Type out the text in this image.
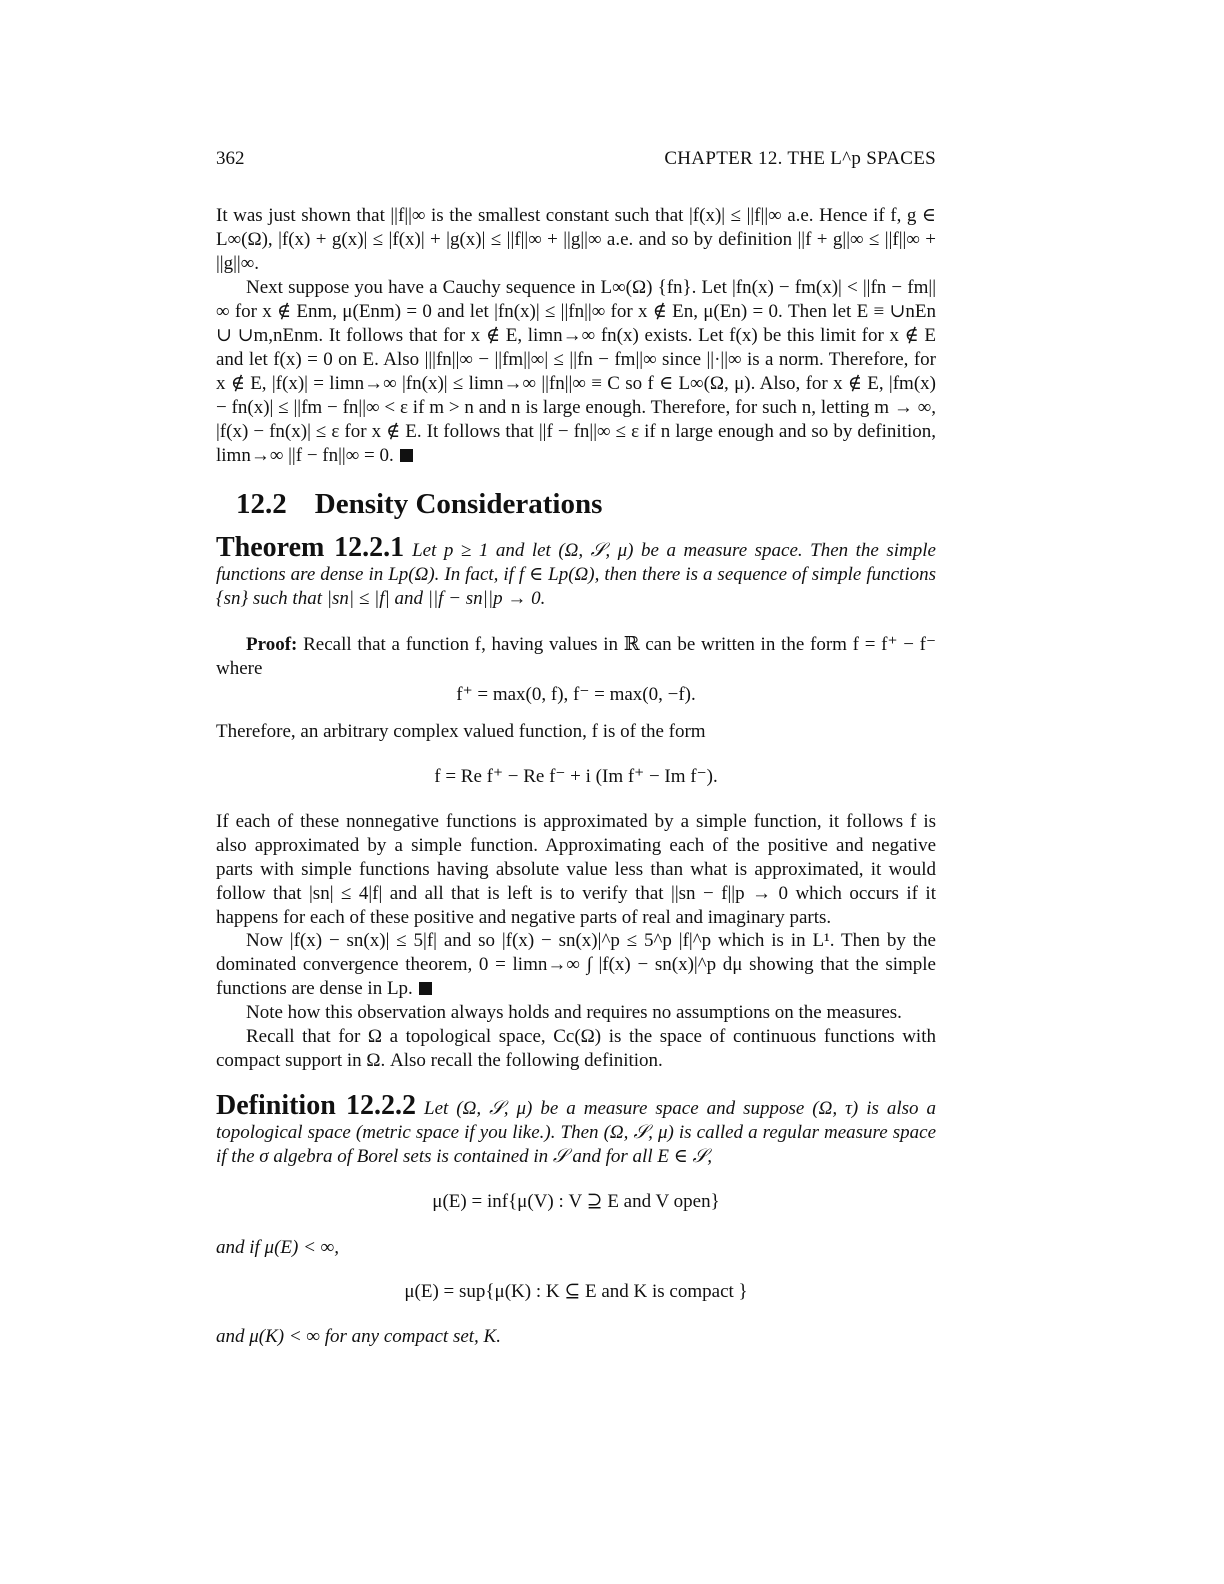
362	CHAPTER 12. THE L^p SPACES
It was just shown that ||f||∞ is the smallest constant such that |f(x)| ≤ ||f||∞ a.e. Hence if f, g ∈ L∞(Ω), |f(x) + g(x)| ≤ |f(x)| + |g(x)| ≤ ||f||∞ + ||g||∞ a.e. and so by definition ||f + g||∞ ≤ ||f||∞ + ||g||∞.
Next suppose you have a Cauchy sequence in L∞(Ω) {fn}. Let |fn(x) − fm(x)| < ||fn − fm||∞ for x ∉ Enm, μ(Enm) = 0 and let |fn(x)| ≤ ||fn||∞ for x ∉ En, μ(En) = 0. Then let E ≡ ∪nEn ∪ ∪m,nEnm. It follows that for x ∉ E, limn→∞ fn(x) exists. Let f(x) be this limit for x ∉ E and let f(x) = 0 on E. Also |||fn||∞ − ||fm||∞| ≤ ||fn − fm||∞ since ||·||∞ is a norm. Therefore, for x ∉ E, |f(x)| = limn→∞ |fn(x)| ≤ limn→∞ ||fn||∞ ≡ C so f ∈ L∞(Ω, μ). Also, for x ∉ E, |fm(x) − fn(x)| ≤ ||fm − fn||∞ < ε if m > n and n is large enough. Therefore, for such n, letting m → ∞, |f(x) − fn(x)| ≤ ε for x ∉ E. It follows that ||f − fn||∞ ≤ ε if n large enough and so by definition, limn→∞ ||f − fn||∞ = 0.
12.2 Density Considerations
Theorem 12.2.1 Let p ≥ 1 and let (Ω, 𝒮, μ) be a measure space. Then the simple functions are dense in Lp(Ω). In fact, if f ∈ Lp(Ω), then there is a sequence of simple functions {sn} such that |sn| ≤ |f| and ||f − sn||p → 0.
Proof: Recall that a function f, having values in ℝ can be written in the form f = f⁺ − f⁻ where
f⁺ = max(0, f), f⁻ = max(0, −f).
Therefore, an arbitrary complex valued function, f is of the form
f = Re f⁺ − Re f⁻ + i (Im f⁺ − Im f⁻).
If each of these nonnegative functions is approximated by a simple function, it follows f is also approximated by a simple function. Approximating each of the positive and negative parts with simple functions having absolute value less than what is approximated, it would follow that |sn| ≤ 4|f| and all that is left is to verify that ||sn − f||p → 0 which occurs if it happens for each of these positive and negative parts of real and imaginary parts.
Now |f(x) − sn(x)| ≤ 5|f| and so |f(x) − sn(x)|^p ≤ 5^p |f|^p which is in L¹. Then by the dominated convergence theorem, 0 = limn→∞ ∫ |f(x) − sn(x)|^p dμ showing that the simple functions are dense in Lp.
Note how this observation always holds and requires no assumptions on the measures.
Recall that for Ω a topological space, Cc(Ω) is the space of continuous functions with compact support in Ω. Also recall the following definition.
Definition 12.2.2 Let (Ω, 𝒮, μ) be a measure space and suppose (Ω, τ) is also a topological space (metric space if you like.). Then (Ω, 𝒮, μ) is called a regular measure space if the σ algebra of Borel sets is contained in 𝒮 and for all E ∈ 𝒮,
μ(E) = inf{μ(V) : V ⊇ E and V open}
and if μ(E) < ∞,
μ(E) = sup{μ(K) : K ⊆ E and K is compact }
and μ(K) < ∞ for any compact set, K.
